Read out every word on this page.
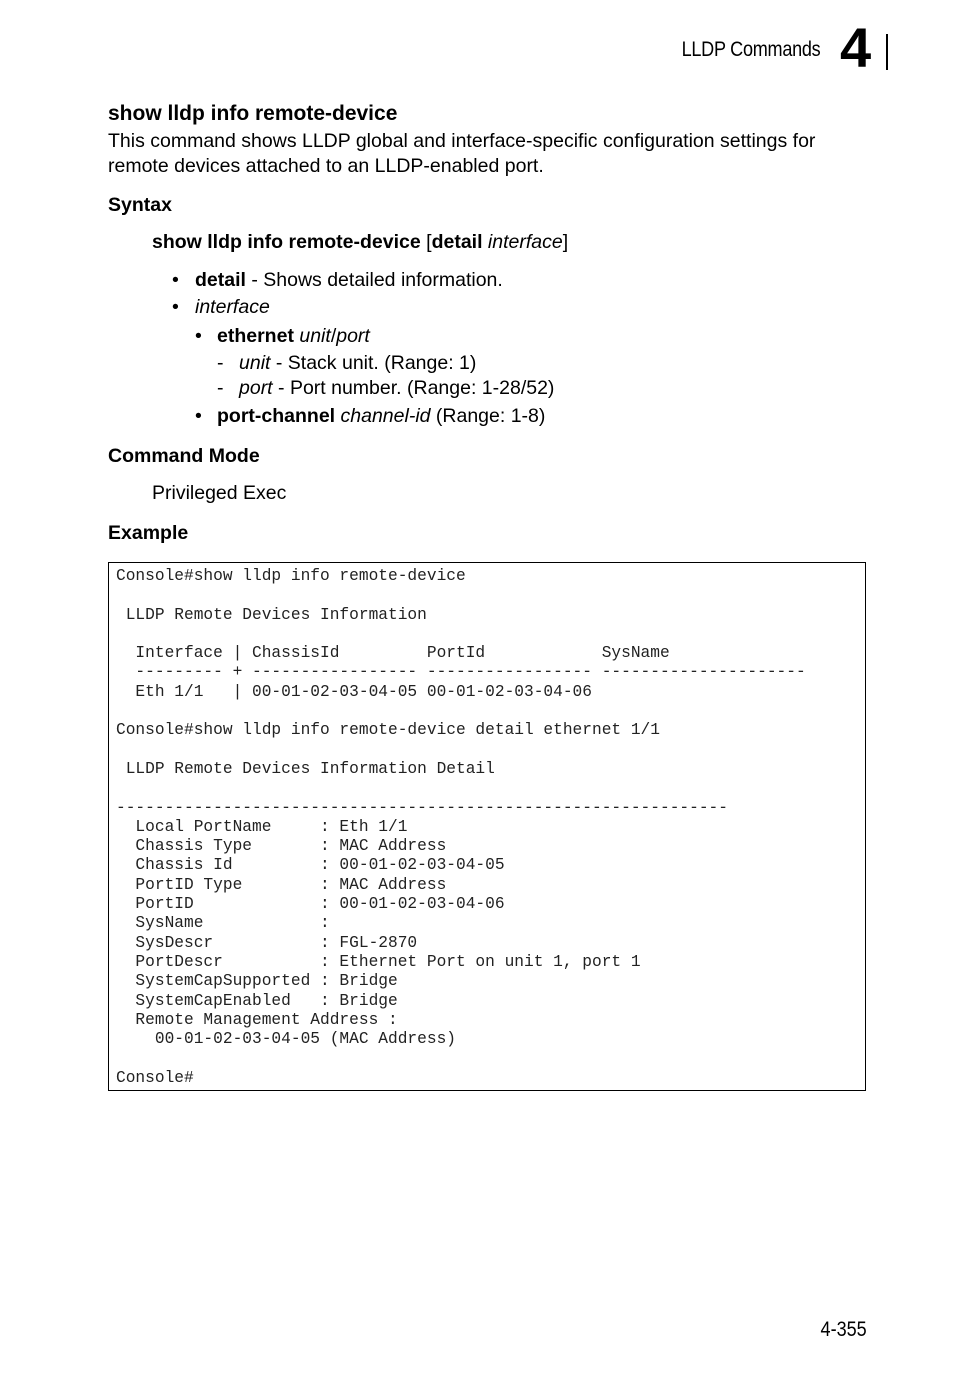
LLDP Commands 4
show lldp info remote-device
This command shows LLDP global and interface-specific configuration settings for remote devices attached to an LLDP-enabled port.
Syntax
show lldp info remote-device [detail interface]
• detail - Shows detailed information.
• interface
• ethernet unit/port
- unit - Stack unit. (Range: 1)
- port - Port number. (Range: 1-28/52)
• port-channel channel-id (Range: 1-8)
Command Mode
Privileged Exec
Example
Console#show lldp info remote-device

LLDP Remote Devices Information

Interface | ChassisId         PortId            SysName
--------- + ----------------- ----------------- ---------------------
Eth 1/1   | 00-01-02-03-04-05 00-01-02-03-04-06

Console#show lldp info remote-device detail ethernet 1/1

LLDP Remote Devices Information Detail

---------------------------------------------------------------
Local PortName     : Eth 1/1
Chassis Type       : MAC Address
Chassis Id         : 00-01-02-03-04-05
PortID Type        : MAC Address
PortID             : 00-01-02-03-04-06
SysName            :
SysDescr           : FGL-2870
PortDescr          : Ethernet Port on unit 1, port 1
SystemCapSupported : Bridge
SystemCapEnabled   : Bridge
Remote Management Address :
00-01-02-03-04-05 (MAC Address)

Console#
4-355
